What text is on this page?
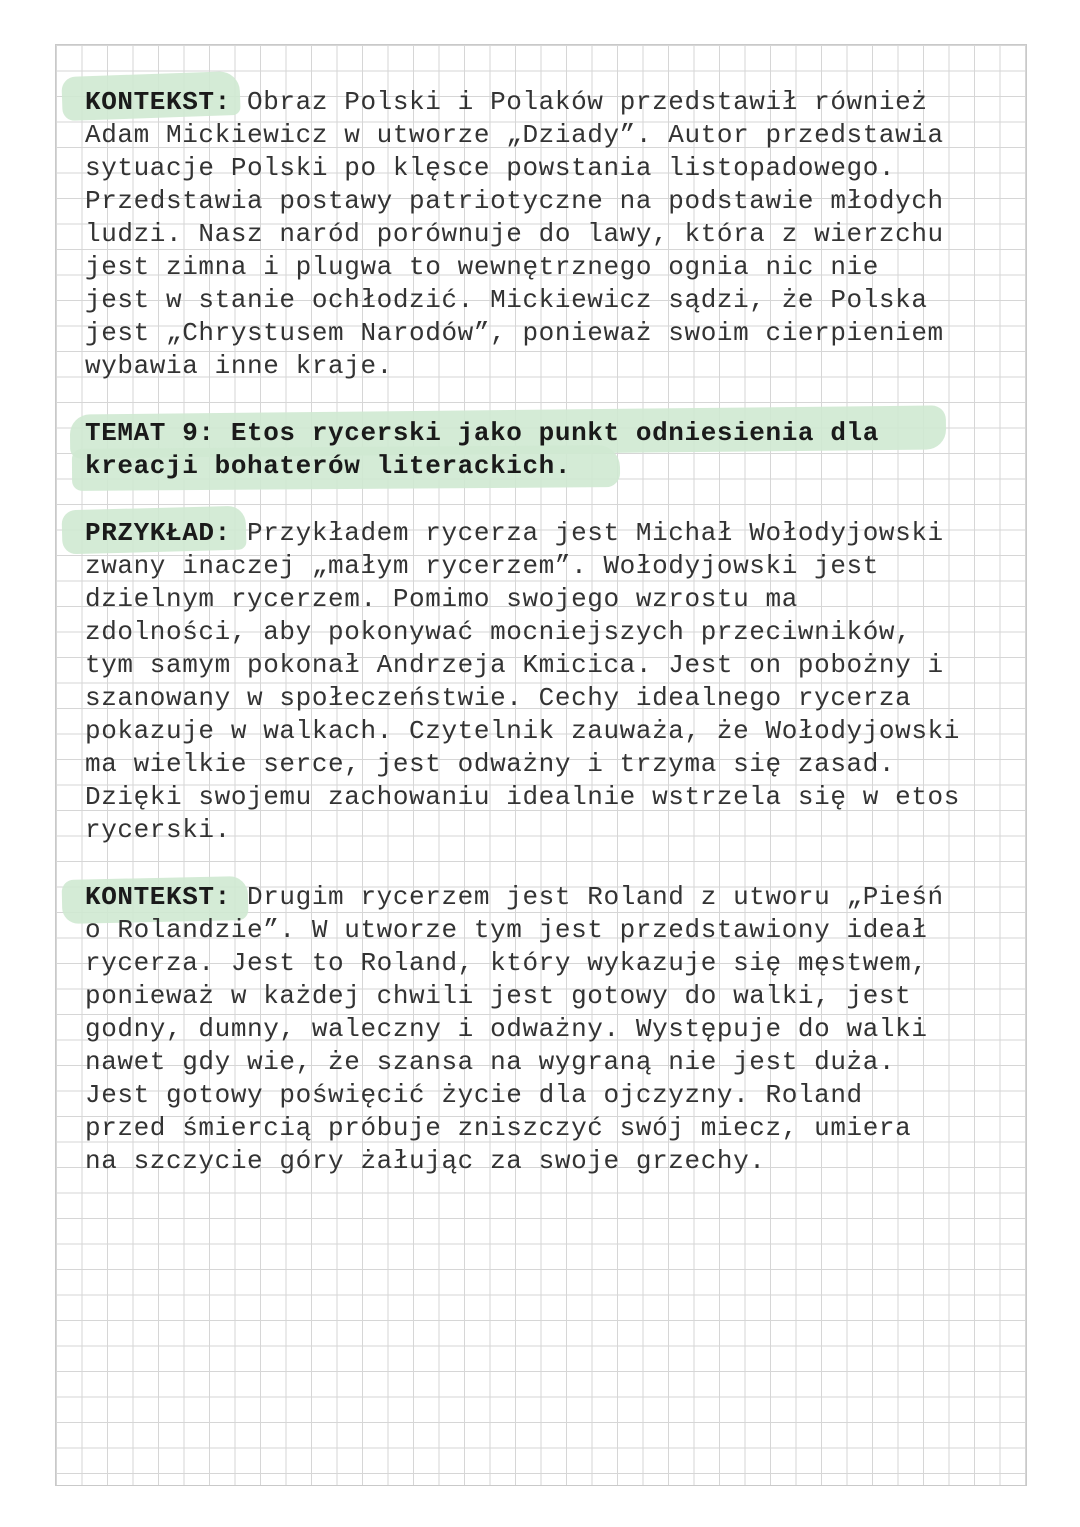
KONTEKST: Obraz Polski i Polaków przedstawił również
Adam Mickiewicz w utworze „Dziady”. Autor przedstawia
sytuacje Polski po klęsce powstania listopadowego.
Przedstawia postawy patriotyczne na podstawie młodych
ludzi. Nasz naród porównuje do lawy, która z wierzchu
jest zimna i plugwa to wewnętrznego ognia nic nie
jest w stanie ochłodzić. Mickiewicz sądzi, że Polska
jest „Chrystusem Narodów”, ponieważ swoim cierpieniem
wybawia inne kraje.
TEMAT 9: Etos rycerski jako punkt odniesienia dla
kreacji bohaterów literackich.
PRZYKŁAD: Przykładem rycerza jest Michał Wołodyjowski
zwany inaczej „małym rycerzem”. Wołodyjowski jest
dzielnym rycerzem. Pomimo swojego wzrostu ma
zdolności, aby pokonywać mocniejszych przeciwników,
tym samym pokonał Andrzeja Kmicica. Jest on pobożny i
szanowany w społeczeństwie. Cechy idealnego rycerza
pokazuje w walkach. Czytelnik zauważa, że Wołodyjowski
ma wielkie serce, jest odważny i trzyma się zasad.
Dzięki swojemu zachowaniu idealnie wstrzela się w etos
rycerski.
KONTEKST: Drugim rycerzem jest Roland z utworu „Pieśń
o Rolandzie”. W utworze tym jest przedstawiony ideał
rycerza. Jest to Roland, który wykazuje się męstwem,
ponieważ w każdej chwili jest gotowy do walki, jest
godny, dumny, waleczny i odważny. Występuje do walki
nawet gdy wie, że szansa na wygraną nie jest duża.
Jest gotowy poświęcić życie dla ojczyzny. Roland
przed śmiercią próbuje zniszczyć swój miecz, umiera
na szczycie góry żałując za swoje grzechy.
